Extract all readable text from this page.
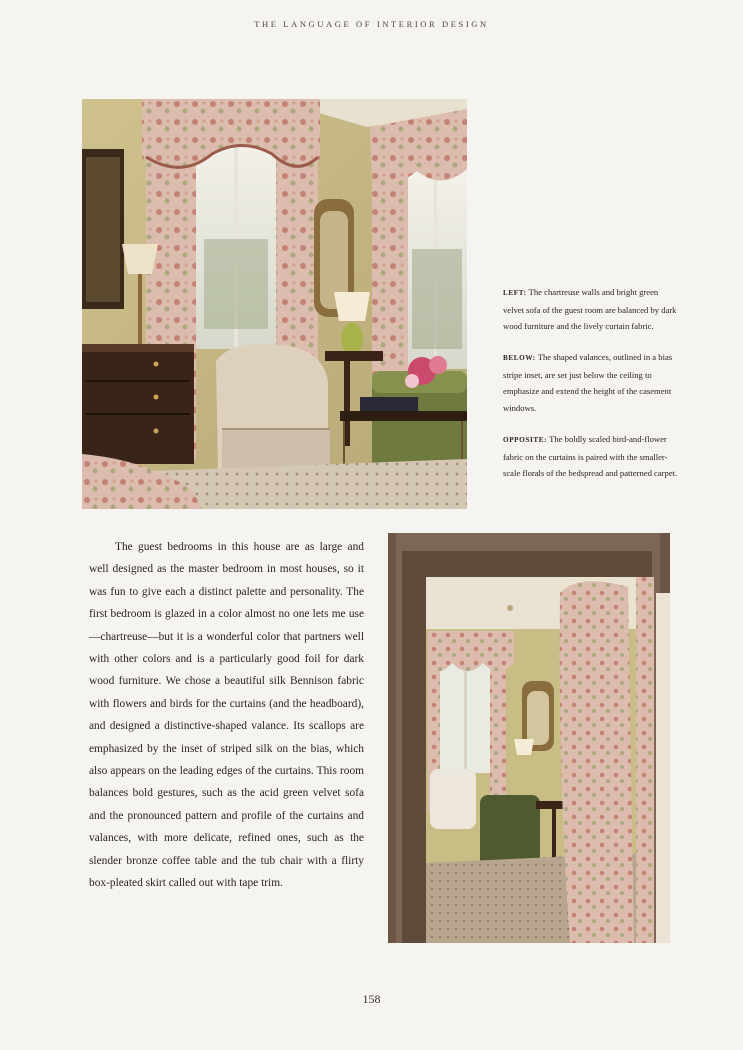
THE LANGUAGE OF INTERIOR DESIGN

LEFT: The chartreuse walls and bright green velvet sofa of the guest room are balanced by dark wood furniture and the lively curtain fabric.

BELOW: The shaped valances, outlined in a bias stripe inset, are set just below the ceiling to emphasize and extend the height of the casement windows.

OPPOSITE: The boldly scaled bird-and-flower fabric on the curtains is paired with the smaller-scale florals of the bedspread and patterned carpet.

The guest bedrooms in this house are as large and well designed as the master bedroom in most houses, so it was fun to give each a distinct palette and personality. The first bedroom is glazed in a color almost no one lets me use—chartreuse—but it is a wonderful color that partners well with other colors and is a particularly good foil for dark wood furniture. We chose a beautiful silk Bennison fabric with flowers and birds for the curtains (and the headboard), and designed a distinctive-shaped valance. Its scallops are emphasized by the inset of striped silk on the bias, which also appears on the leading edges of the curtains. This room balances bold gestures, such as the acid green velvet sofa and the pronounced pattern and profile of the curtains and valances, with more delicate, refined ones, such as the slender bronze coffee table and the tub chair with a flirty box-pleated skirt called out with tape trim.

158
